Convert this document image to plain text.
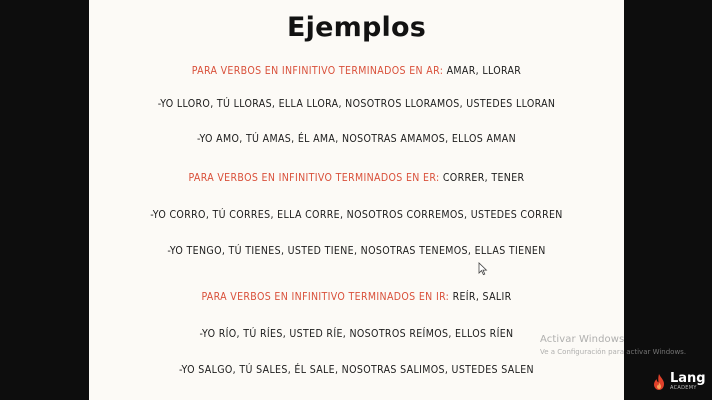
Ejemplos
PARA VERBOS EN INFINITIVO TERMINADOS EN AR: AMAR, LLORAR
-YO LLORO, TÚ LLORAS, ELLA LLORA, NOSOTROS LLORAMOS, USTEDES LLORAN
-YO AMO, TÚ AMAS, ÉL AMA, NOSOTRAS AMAMOS, ELLOS AMAN
PARA VERBOS EN INFINITIVO TERMINADOS EN ER: CORRER, TENER
-YO CORRO, TÚ CORRES, ELLA CORRE, NOSOTROS CORREMOS, USTEDES CORREN
-YO TENGO, TÚ TIENES, USTED TIENE, NOSOTRAS TENEMOS, ELLAS TIENEN
PARA VERBOS EN INFINITIVO TERMINADOS EN IR: REÍR, SALIR
-YO RÍO, TÚ RÍES, USTED RÍE, NOSOTROS REÍMOS, ELLOS RÍEN
-YO SALGO, TÚ SALES, ÉL SALE, NOSOTRAS SALIMOS, USTEDES SALEN
Activar Windows
Ve a Configuración para activar Windows.
Lang
ACADEMY
